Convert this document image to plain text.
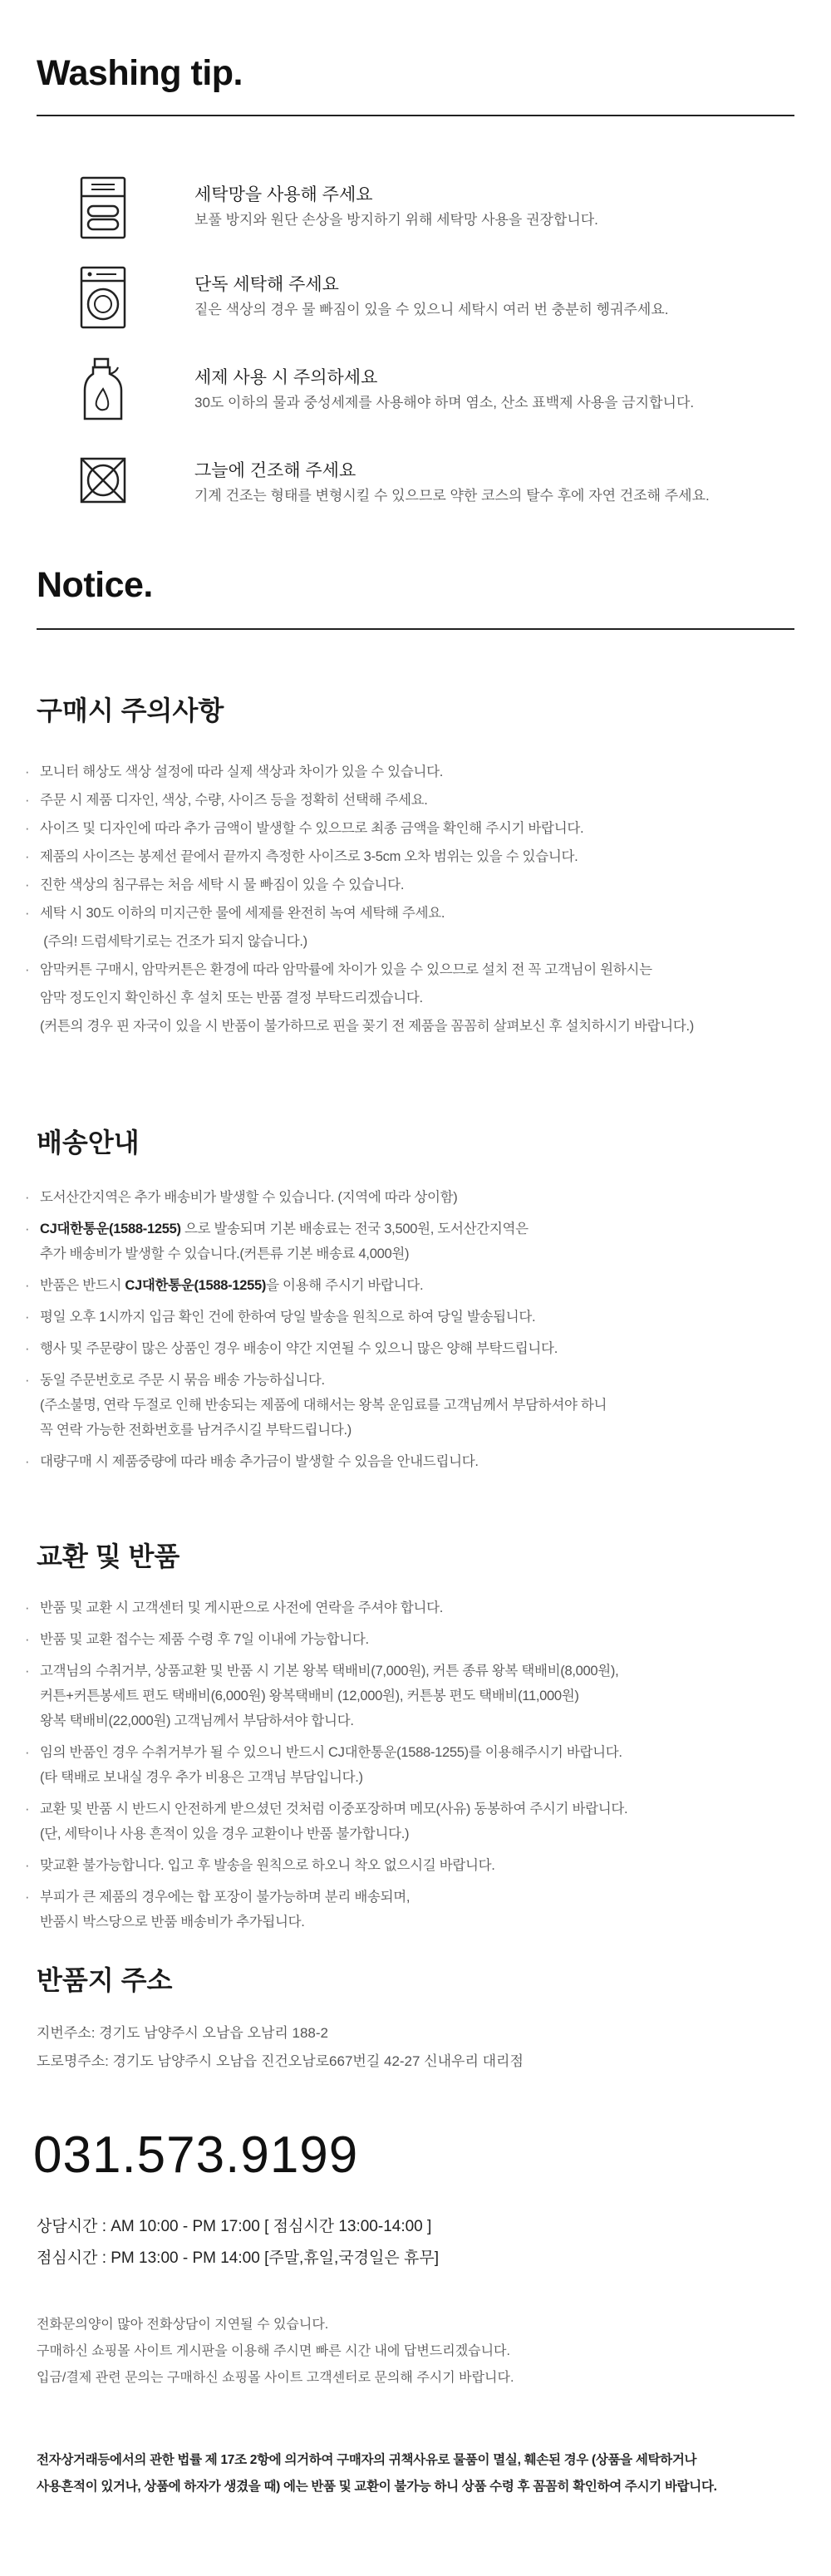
Washing tip.
세탁망을 사용해 주세요
보풀 방지와 원단 손상을 방지하기 위해 세탁망 사용을 권장합니다.
단독 세탁해 주세요
짙은 색상의 경우 물 빠짐이 있을 수 있으니 세탁시 여러 번 충분히 헹궈주세요.
세제 사용 시 주의하세요
30도 이하의 물과 중성세제를 사용해야 하며 염소, 산소 표백제 사용을 금지합니다.
그늘에 건조해 주세요
기계 건조는 형태를 변형시킬 수 있으므로 약한 코스의 탈수 후에 자연 건조해 주세요.
Notice.
구매시 주의사항
· 모니터 해상도 색상 설정에 따라 실제 색상과 차이가 있을 수 있습니다.
· 주문 시 제품 디자인, 색상, 수량, 사이즈 등을 정확히 선택해 주세요.
· 사이즈 및 디자인에 따라 추가 금액이 발생할 수 있으므로 최종 금액을 확인해 주시기 바랍니다.
· 제품의 사이즈는 봉제선 끝에서 끝까지 측정한 사이즈로 3-5cm 오차 범위는 있을 수 있습니다.
· 진한 색상의 침구류는 처음 세탁 시 물 빠짐이 있을 수 있습니다.
· 세탁 시 30도 이하의 미지근한 물에 세제를 완전히 녹여 세탁해 주세요.
(주의! 드럼세탁기로는 건조가 되지 않습니다.)
· 암막커튼 구매시, 암막커튼은 환경에 따라 암막률에 차이가 있을 수 있으므로 설치 전 꼭 고객님이 원하시는
암막 정도인지 확인하신 후 설치 또는 반품 결정 부탁드리겠습니다.
(커튼의 경우 핀 자국이 있을 시 반품이 불가하므로 핀을 꽂기 전 제품을 꼼꼼히 살펴보신 후 설치하시기 바랍니다.)
배송안내
· 도서산간지역은 추가 배송비가 발생할 수 있습니다. (지역에 따라 상이함)
· CJ대한통운(1588-1255) 으로 발송되며 기본 배송료는 전국 3,500원, 도서산간지역은
추가 배송비가 발생할 수 있습니다.(커튼류 기본 배송료 4,000원)
· 반품은 반드시 CJ대한통운(1588-1255)을 이용해 주시기 바랍니다.
· 평일 오후 1시까지 입금 확인 건에 한하여 당일 발송을 원칙으로 하여 당일 발송됩니다.
· 행사 및 주문량이 많은 상품인 경우 배송이 약간 지연될 수 있으니 많은 양해 부탁드립니다.
· 동일 주문번호로 주문 시 묶음 배송 가능하십니다.
(주소불명, 연락 두절로 인해 반송되는 제품에 대해서는 왕복 운임료를 고객님께서 부담하셔야 하니
꼭 연락 가능한 전화번호를 남겨주시길 부탁드립니다.)
· 대량구매 시 제품중량에 따라 배송 추가금이 발생할 수 있음을 안내드립니다.
교환 및 반품
· 반품 및 교환 시 고객센터 및 게시판으로 사전에 연락을 주셔야 합니다.
· 반품 및 교환 접수는 제품 수령 후 7일 이내에 가능합니다.
· 고객님의 수취거부, 상품교환 및 반품 시 기본 왕복 택배비(7,000원), 커튼 종류 왕복 택배비(8,000원),
커튼+커튼봉세트 편도 택배비(6,000원) 왕복택배비 (12,000원), 커튼봉 편도 택배비(11,000원)
왕복 택배비(22,000원) 고객님께서 부담하셔야 합니다.
· 임의 반품인 경우 수취거부가 될 수 있으니 반드시 CJ대한통운(1588-1255)를 이용해주시기 바랍니다.
(타 택배로 보내실 경우 추가 비용은 고객님 부담입니다.)
· 교환 및 반품 시 반드시 안전하게 받으셨던 것처럼 이중포장하며 메모(사유) 동봉하여 주시기 바랍니다.
(단, 세탁이나 사용 흔적이 있을 경우 교환이나 반품 불가합니다.)
· 맞교환 불가능합니다. 입고 후 발송을 원칙으로 하오니 착오 없으시길 바랍니다.
· 부피가 큰 제품의 경우에는 합 포장이 불가능하며 분리 배송되며,
반품시 박스당으로 반품 배송비가 추가됩니다.
반품지 주소
지번주소: 경기도 남양주시 오남읍 오남리 188-2
도로명주소: 경기도 남양주시 오남읍 진건오남로667번길 42-27 신내우리 대리점
031.573.9199
상담시간 : AM 10:00 - PM 17:00 [ 점심시간 13:00-14:00 ]
점심시간 : PM 13:00 - PM 14:00 [주말,휴일,국경일은 휴무]
전화문의양이 많아 전화상담이 지연될 수 있습니다.
구매하신 쇼핑몰 사이트 게시판을 이용해 주시면 빠른 시간 내에 답변드리겠습니다.
입금/결제 관련 문의는 구매하신 쇼핑몰 사이트 고객센터로 문의해 주시기 바랍니다.
전자상거래등에서의 관한 법률 제 17조 2항에 의거하여 구매자의 귀책사유로 물품이 멸실, 훼손된 경우 (상품을 세탁하거나
사용흔적이 있거나, 상품에 하자가 생겼을 때) 에는 반품 및 교환이 불가능 하니 상품 수령 후 꼼꼼히 확인하여 주시기 바랍니다.
